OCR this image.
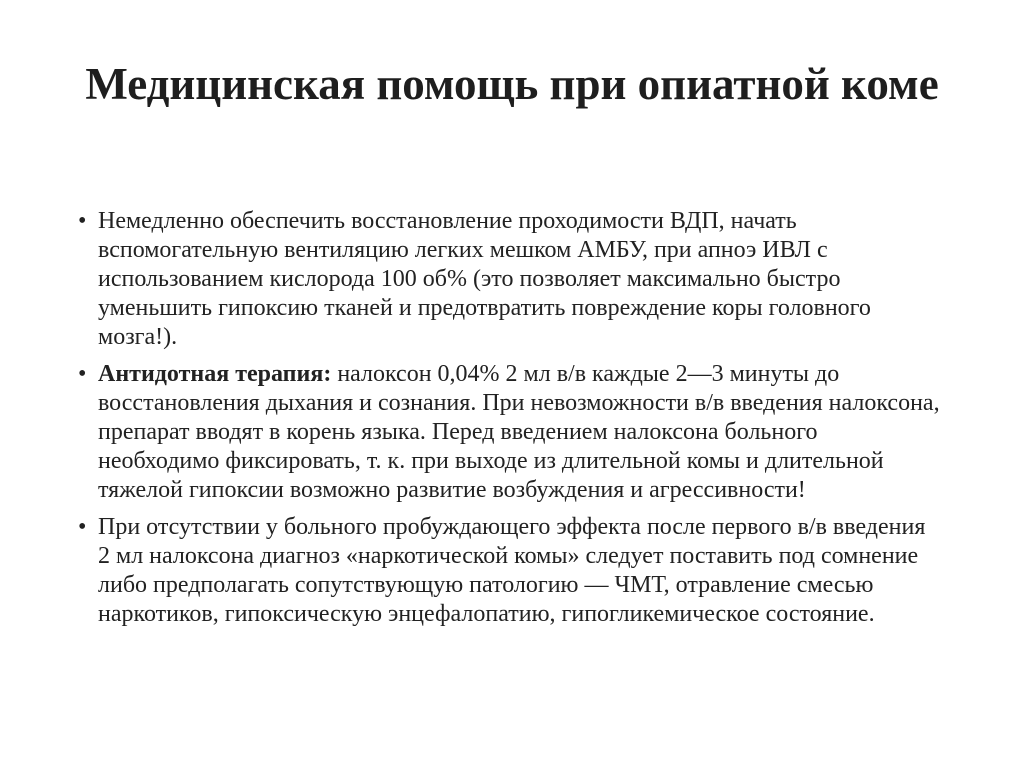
Медицинская помощь при опиатной коме
• Немедленно обеспечить восстановление проходимости ВДП, начать вспомогательную вентиляцию легких мешком АМБУ, при апноэ ИВЛ с использованием кислорода 100 об% (это позволяет максимально быстро уменьшить гипоксию тканей и предотвратить повреждение коры головного мозга!).
• Антидотная терапия: налоксон 0,04% 2 мл в/в каждые 2—3 минуты до восстановления дыхания и сознания. При невозможности в/в введения налоксона, препарат вводят в корень языка. Перед введением налоксона больного необходимо фиксировать, т. к. при выходе из длительной комы и длительной тяжелой гипоксии возможно развитие возбуждения и агрессивности!
• При отсутствии у больного пробуждающего эффекта после первого в/в введения 2 мл налоксона диагноз «наркотической комы» следует поставить под сомнение либо предполагать сопутствующую патологию — ЧМТ, отравление смесью наркотиков, гипоксическую энцефалопатию, гипогликемическое состояние.
